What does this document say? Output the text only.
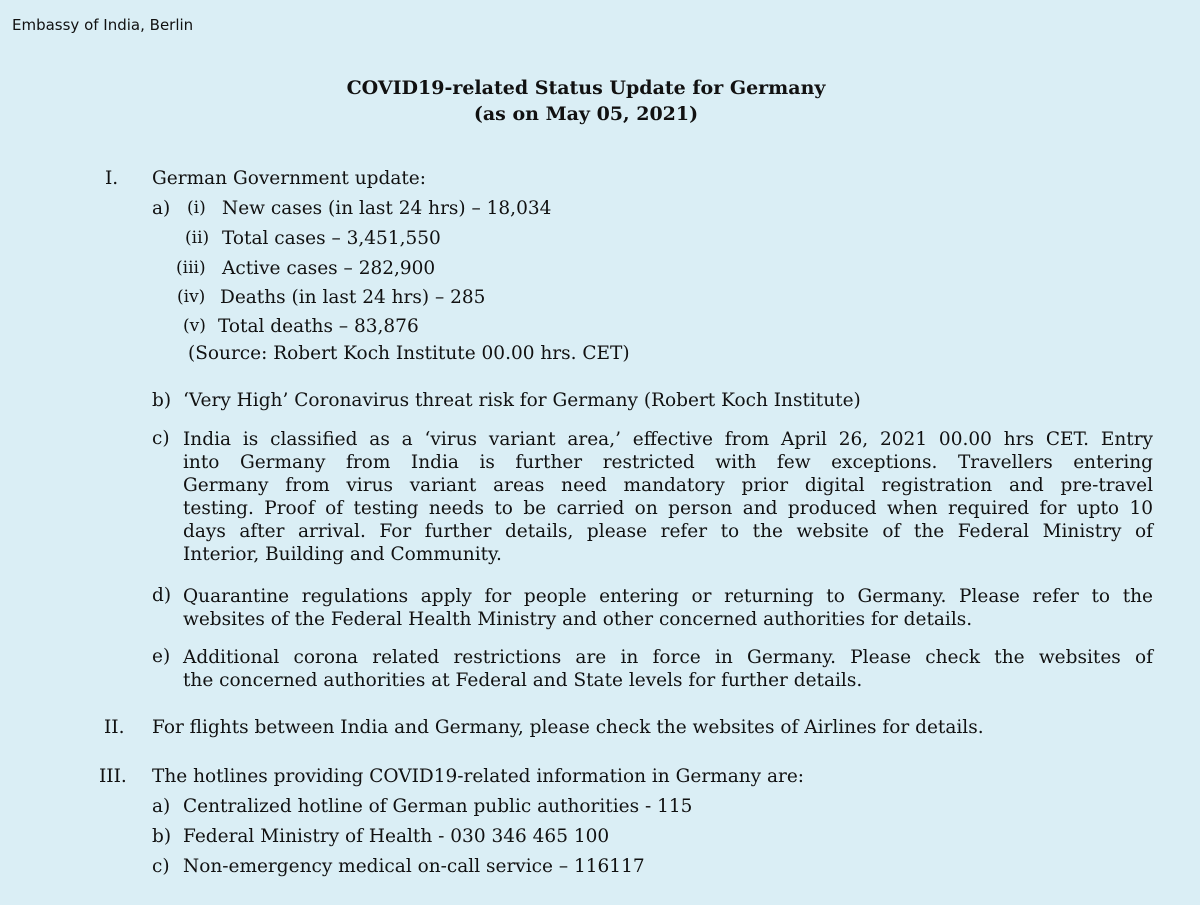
Embassy of India, Berlin
COVID19-related Status Update for Germany
(as on May 05, 2021)
I. German Government update:
a) (i) New cases (in last 24 hrs) – 18,034
(ii) Total cases – 3,451,550
(iii) Active cases – 282,900
(iv) Deaths (in last 24 hrs) – 285
(v) Total deaths – 83,876
(Source: Robert Koch Institute 00.00 hrs. CET)
b) ‘Very High’ Coronavirus threat risk for Germany (Robert Koch Institute)
c) India is classified as a ‘virus variant area,’ effective from April 26, 2021 00.00 hrs CET. Entry
into Germany from India is further restricted with few exceptions. Travellers entering
Germany from virus variant areas need mandatory prior digital registration and pre-travel
testing. Proof of testing needs to be carried on person and produced when required for upto 10
days after arrival. For further details, please refer to the website of the Federal Ministry of
Interior, Building and Community.
d) Quarantine regulations apply for people entering or returning to Germany. Please refer to the
websites of the Federal Health Ministry and other concerned authorities for details.
e) Additional corona related restrictions are in force in Germany. Please check the websites of
the concerned authorities at Federal and State levels for further details.
II. For flights between India and Germany, please check the websites of Airlines for details.
III. The hotlines providing COVID19-related information in Germany are:
a) Centralized hotline of German public authorities - 115
b) Federal Ministry of Health - 030 346 465 100
c) Non-emergency medical on-call service – 116117
